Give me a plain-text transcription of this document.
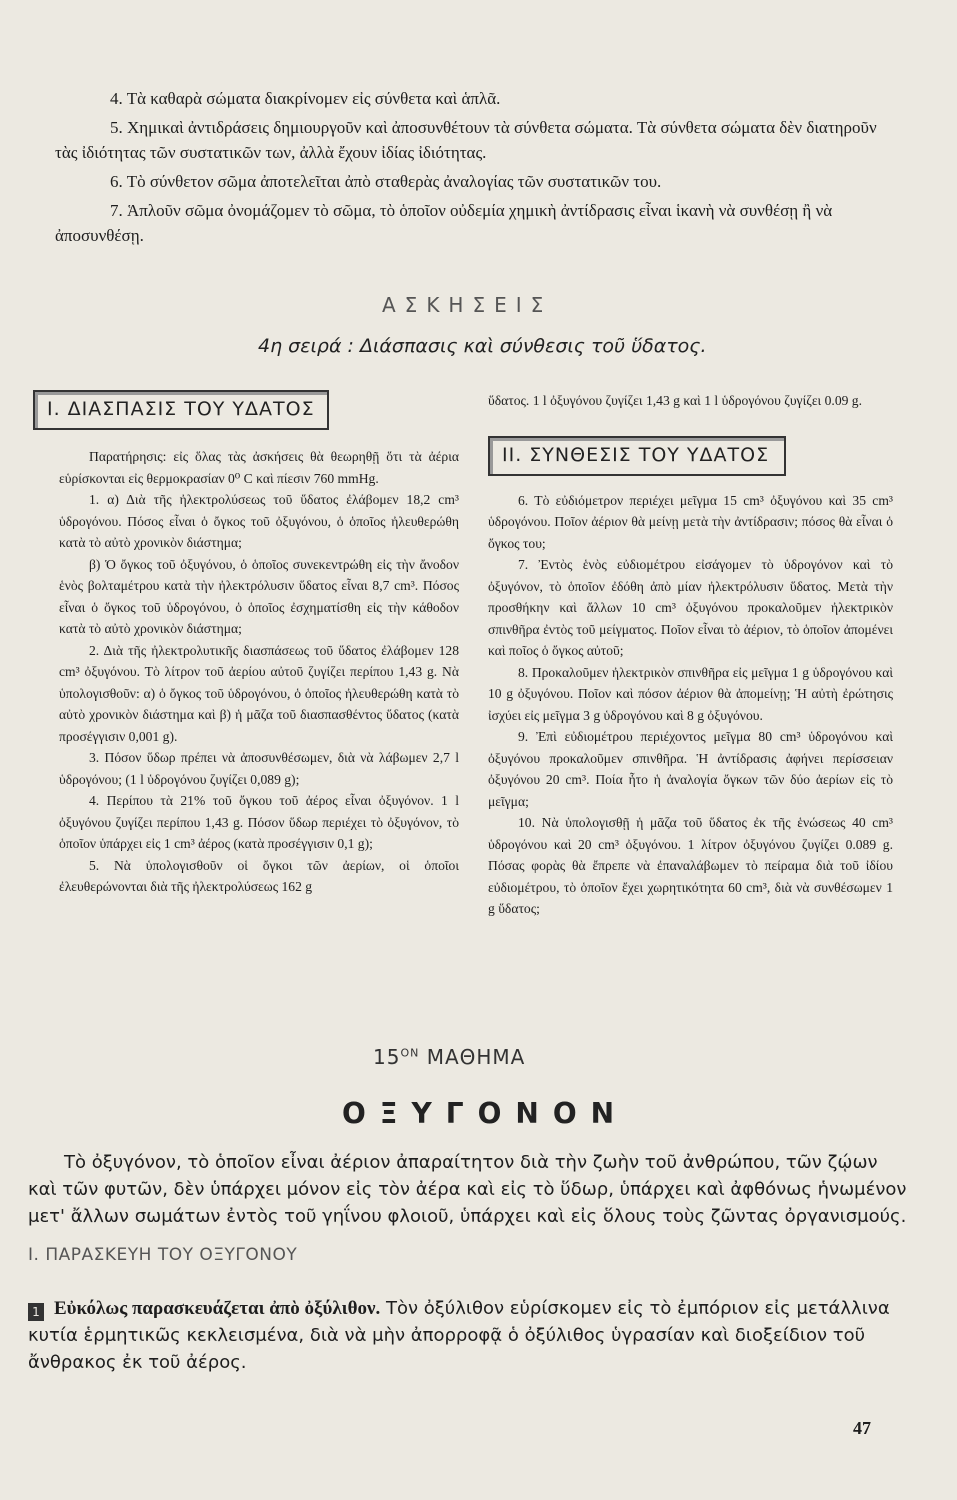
4. Τὰ καθαρὰ σώματα διακρίνομεν εἰς σύνθετα καὶ ἁπλᾶ.

5. Χημικαὶ ἀντιδράσεις δημιουργοῦν καὶ ἀποσυνθέτουν τὰ σύνθετα σώματα. Τὰ σύνθετα σώματα δὲν διατηροῦν τὰς ἰδιότητας τῶν συστατικῶν των, ἀλλὰ ἔχουν ἰδίας ἰδιότητας.

6. Τὸ σύνθετον σῶμα ἀποτελεῖται ἀπὸ σταθερὰς ἀναλογίας τῶν συστατικῶν του.

7. Ἁπλοῦν σῶμα ὀνομάζομεν τὸ σῶμα, τὸ ὁποῖον οὐδεμία χημικὴ ἀντίδρασις εἶναι ἱκανὴ νὰ συνθέσῃ ἢ νὰ ἀποσυνθέσῃ.

ΑΣΚΗΣΕΙΣ
4η σειρά : Διάσπασις καὶ σύνθεσις τοῦ ὕδατος.
Ι. ΔΙΑΣΠΑΣΙΣ ΤΟΥ ΥΔΑΤΟΣ

Παρατήρησις: εἰς ὅλας τὰς ἀσκήσεις θὰ θεωρηθῇ ὅτι τὰ ἀέρια εὑρίσκονται εἰς θερμοκρασίαν 0⁰ C καὶ πίεσιν 760 mmHg.

1. α) Διὰ τῆς ἠλεκτρολύσεως τοῦ ὕδατος ἐλάβομεν 18,2 cm³ ὑδρογόνου. Πόσος εἶναι ὁ ὄγκος τοῦ ὀξυγόνου, ὁ ὁποῖος ἠλευθερώθη κατὰ τὸ αὐτὸ χρονικὸν διάστημα;

β) Ὁ ὄγκος τοῦ ὀξυγόνου, ὁ ὁποῖος συνεκεντρώθη εἰς τὴν ἄνοδον ἑνὸς βολταμέτρου κατὰ τὴν ἠλεκτρόλυσιν ὕδατος εἶναι 8,7 cm³. Πόσος εἶναι ὁ ὄγκος τοῦ ὑδρογόνου, ὁ ὁποῖος ἐσχηματίσθη εἰς τὴν κάθοδον κατὰ τὸ αὐτὸ χρονικὸν διάστημα;

2. Διὰ τῆς ἠλεκτρολυτικῆς διασπάσεως τοῦ ὕδατος ἐλάβομεν 128 cm³ ὀξυγόνου. Τὸ λίτρον τοῦ ἀερίου αὐτοῦ ζυγίζει περίπου 1,43 g. Νὰ ὑπολογισθοῦν: α) ὁ ὄγκος τοῦ ὑδρογόνου, ὁ ὁποῖος ἠλευθερώθη κατὰ τὸ αὐτὸ χρονικὸν διάστημα καὶ β) ἡ μᾶζα τοῦ διασπασθέντος ὕδατος (κατὰ προσέγγισιν 0,001 g).

3. Πόσον ὕδωρ πρέπει νὰ ἀποσυνθέσωμεν, διὰ νὰ λάβωμεν 2,7 l ὑδρογόνου; (1 l ὑδρογόνου ζυγίζει 0,089 g);

4. Περίπου τὰ 21% τοῦ ὄγκου τοῦ ἀέρος εἶναι ὀξυγόνον. 1 l ὀξυγόνου ζυγίζει περίπου 1,43 g. Πόσον ὕδωρ περιέχει τὸ ὀξυγόνον, τὸ ὁποῖον ὑπάρχει εἰς 1 cm³ ἀέρος (κατὰ προσέγγισιν 0,1 g);

5. Νὰ ὑπολογισθοῦν οἱ ὄγκοι τῶν ἀερίων, οἱ ὁποῖοι ἐλευθερώνονται διὰ τῆς ἠλεκτρολύσεως 162 g

ὕδατος. 1 l ὀξυγόνου ζυγίζει 1,43 g καὶ 1 l ὑδρογόνου ζυγίζει 0.09 g.

ΙΙ. ΣΥΝΘΕΣΙΣ ΤΟΥ ΥΔΑΤΟΣ

6. Τὸ εὐδιόμετρον περιέχει μεῖγμα 15 cm³ ὀξυγόνου καὶ 35 cm³ ὑδρογόνου. Ποῖον ἀέριον θὰ μείνῃ μετὰ τὴν ἀντίδρασιν; πόσος θὰ εἶναι ὁ ὄγκος του;

7. Ἐντὸς ἑνὸς εὐδιομέτρου εἰσάγομεν τὸ ὑδρογόνον καὶ τὸ ὀξυγόνον, τὸ ὁποῖον ἐδόθη ἀπὸ μίαν ἠλεκτρόλυσιν ὕδατος. Μετὰ τὴν προσθήκην καὶ ἄλλων 10 cm³ ὀξυγόνου προκαλοῦμεν ἠλεκτρικὸν σπινθῆρα ἐντὸς τοῦ μείγματος. Ποῖον εἶναι τὸ ἀέριον, τὸ ὁποῖον ἀπομένει καὶ ποῖος ὁ ὄγκος αὐτοῦ;

8. Προκαλοῦμεν ἠλεκτρικὸν σπινθῆρα εἰς μεῖγμα 1 g ὑδρογόνου καὶ 10 g ὀξυγόνου. Ποῖον καὶ πόσον ἀέριον θὰ ἀπομείνῃ; Ἡ αὐτὴ ἐρώτησις ἰσχύει εἰς μεῖγμα 3 g ὑδρογόνου καὶ 8 g ὀξυγόνου.

9. Ἐπὶ εὐδιομέτρου περιέχοντος μεῖγμα 80 cm³ ὑδρογόνου καὶ ὀξυγόνου προκαλοῦμεν σπινθῆρα. Ἡ ἀντίδρασις ἀφήνει περίσσειαν ὀξυγόνου 20 cm³. Ποία ἦτο ἡ ἀναλογία ὄγκων τῶν δύο ἀερίων εἰς τὸ μεῖγμα;

10. Νὰ ὑπολογισθῇ ἡ μᾶζα τοῦ ὕδατος ἐκ τῆς ἑνώσεως 40 cm³ ὑδρογόνου καὶ 20 cm³ ὀξυγόνου. 1 λίτρον ὀξυγόνου ζυγίζει 0.089 g. Πόσας φορὰς θὰ ἔπρεπε νὰ ἐπαναλάβωμεν τὸ πείραμα διὰ τοῦ ἰδίου εὐδιομέτρου, τὸ ὁποῖον ἔχει χωρητικότητα 60 cm³, διὰ νὰ συνθέσωμεν 1 g ὕδατος;

$15^{ON}$ ΜΑΘΗΜΑ
ΟΞΥΓΟΝΟΝ

Τὸ ὀξυγόνον, τὸ ὁποῖον εἶναι ἀέριον ἀπαραίτητον διὰ τὴν ζωὴν τοῦ ἀνθρώπου, τῶν ζῴων καὶ τῶν φυτῶν, δὲν ὑπάρχει μόνον εἰς τὸν ἀέρα καὶ εἰς τὸ ὕδωρ, ὑπάρχει καὶ ἀφθόνως ἡνωμένον μετ' ἄλλων σωμάτων ἐντὸς τοῦ γηΐνου φλοιοῦ, ὑπάρχει καὶ εἰς ὅλους τοὺς ζῶντας ὀργανισμούς.

Ι. ΠΑΡΑΣΚΕΥΗ ΤΟΥ ΟΞΥΓΟΝΟΥ

1 Εὐκόλως παρασκευάζεται ἀπὸ ὀξύλιθον. Τὸν ὀξύλιθον εὑρίσκομεν εἰς τὸ ἐμπόριον εἰς μετάλλινα κυτία ἑρμητικῶς κεκλεισμένα, διὰ νὰ μὴν ἀπορροφᾷ ὁ ὀξύλιθος ὑγρασίαν καὶ διοξείδιον τοῦ ἄνθρακος ἐκ τοῦ ἀέρος.

47
